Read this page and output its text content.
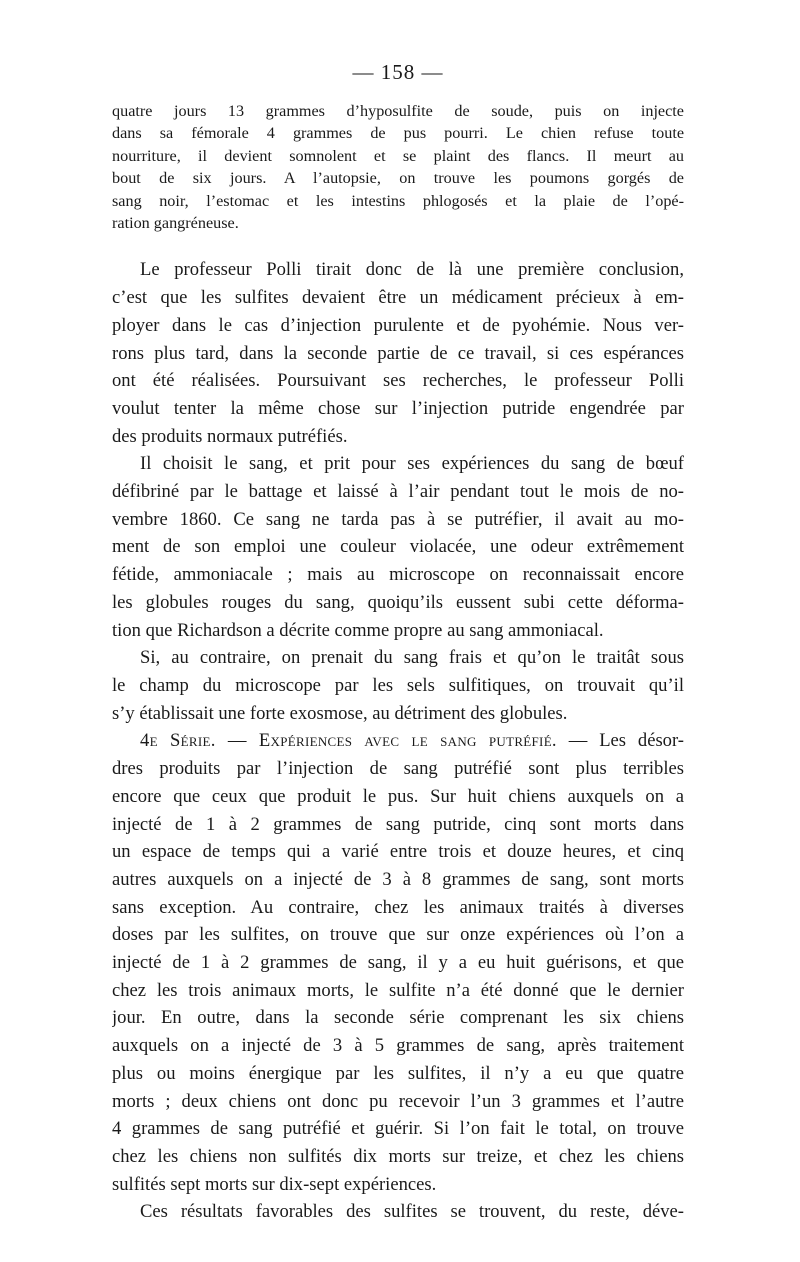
— 158 —
quatre jours 13 grammes d’hyposulfite de soude, puis on injecte
dans sa fémorale 4 grammes de pus pourri. Le chien refuse toute
nourriture, il devient somnolent et se plaint des flancs. Il meurt au
bout de six jours. A l’autopsie, on trouve les poumons gorgés de
sang noir, l’estomac et les intestins phlogosés et la plaie de l’opé-
ration gangréneuse.
Le professeur Polli tirait donc de là une première conclusion,
c’est que les sulfites devaient être un médicament précieux à em-
ployer dans le cas d’injection purulente et de pyohémie. Nous ver-
rons plus tard, dans la seconde partie de ce travail, si ces espérances
ont été réalisées. Poursuivant ses recherches, le professeur Polli
voulut tenter la même chose sur l’injection putride engendrée par
des produits normaux putréfiés.
Il choisit le sang, et prit pour ses expériences du sang de bœuf
défibriné par le battage et laissé à l’air pendant tout le mois de no-
vembre 1860. Ce sang ne tarda pas à se putréfier, il avait au mo-
ment de son emploi une couleur violacée, une odeur extrêmement
fétide, ammoniacale ; mais au microscope on reconnaissait encore
les globules rouges du sang, quoiqu’ils eussent subi cette déforma-
tion que Richardson a décrite comme propre au sang ammoniacal.
Si, au contraire, on prenait du sang frais et qu’on le traitât sous
le champ du microscope par les sels sulfitiques, on trouvait qu’il
s’y établissait une forte exosmose, au détriment des globules.
4e Série. — Expériences avec le sang putréfié. — Les désor-
dres produits par l’injection de sang putréfié sont plus terribles
encore que ceux que produit le pus. Sur huit chiens auxquels on a
injecté de 1 à 2 grammes de sang putride, cinq sont morts dans
un espace de temps qui a varié entre trois et douze heures, et cinq
autres auxquels on a injecté de 3 à 8 grammes de sang, sont morts
sans exception. Au contraire, chez les animaux traités à diverses
doses par les sulfites, on trouve que sur onze expériences où l’on a
injecté de 1 à 2 grammes de sang, il y a eu huit guérisons, et que
chez les trois animaux morts, le sulfite n’a été donné que le dernier
jour. En outre, dans la seconde série comprenant les six chiens
auxquels on a injecté de 3 à 5 grammes de sang, après traitement
plus ou moins énergique par les sulfites, il n’y a eu que quatre
morts ; deux chiens ont donc pu recevoir l’un 3 grammes et l’autre
4 grammes de sang putréfié et guérir. Si l’on fait le total, on trouve
chez les chiens non sulfités dix morts sur treize, et chez les chiens
sulfités sept morts sur dix-sept expériences.
Ces résultats favorables des sulfites se trouvent, du reste, déve-
